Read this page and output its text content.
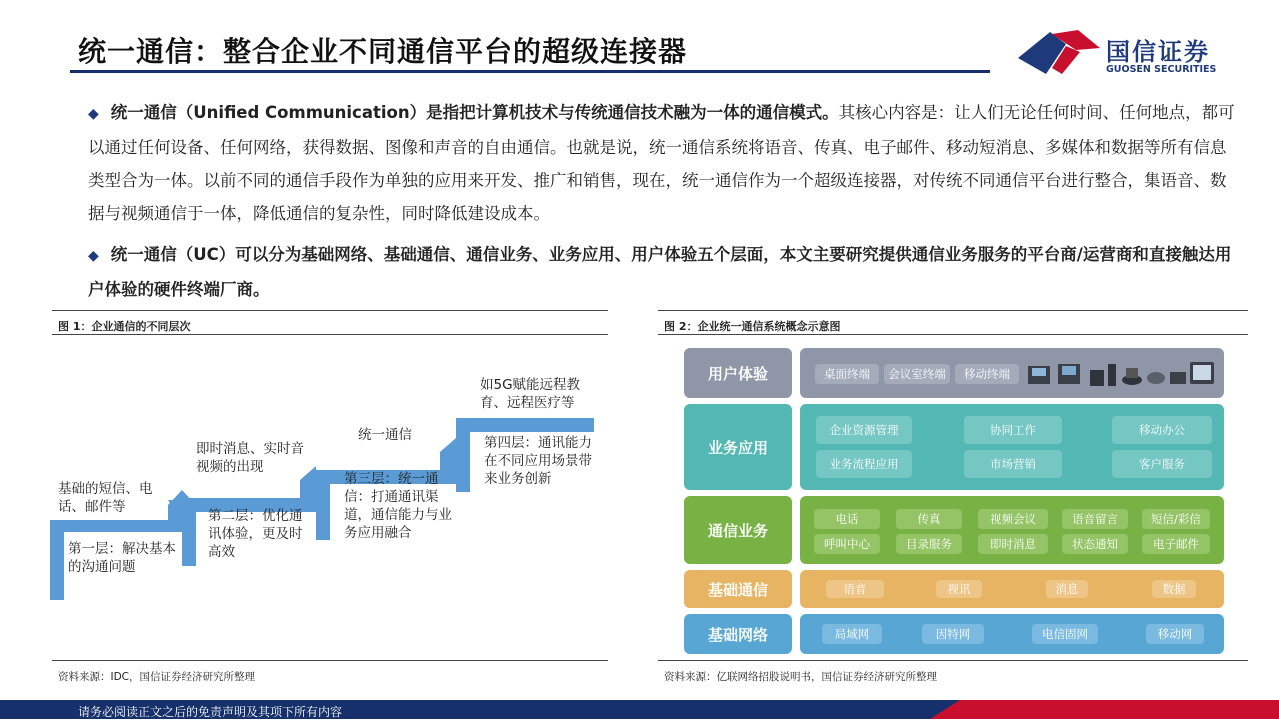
统一通信：整合企业不同通信平台的超级连接器	国信证券
GUOSEN SECURITIES
◆ 统一通信（Unified Communication）是指把计算机技术与传统通信技术融为一体的通信模式。其核心内容是：让人们无论任何时间、任何地点，都可以通过任何设备、任何网络，获得数据、图像和声音的自由通信。也就是说，统一通信系统将语音、传真、电子邮件、移动短消息、多媒体和数据等所有信息类型合为一体。以前不同的通信手段作为单独的应用来开发、推广和销售，现在，统一通信作为一个超级连接器，对传统不同通信平台进行整合，集语音、数据与视频通信于一体，降低通信的复杂性，同时降低建设成本。
◆ 统一通信（UC）可以分为基础网络、基础通信、通信业务、业务应用、用户体验五个层面，本文主要研究提供通信业务服务的平台商/运营商和直接触达用户体验的硬件终端厂商。
图 1：企业通信的不同层次
基础的短信、电话、邮件等
第一层：解决基本的沟通问题
即时消息、实时音视频的出现
第二层：优化通讯体验，更及时高效
统一通信
第三层：统一通信：打通通讯渠道，通信能力与业务应用融合
如5G赋能远程教育、远程医疗等
第四层：通讯能力在不同应用场景带来业务创新
资料来源：IDC，国信证券经济研究所整理
图 2：企业统一通信系统概念示意图
用户体验	桌面终端	会议室终端	移动终端
业务应用
企业资源管理	协同工作	移动办公
业务流程应用	市场营销	客户服务
通信业务
电话	传真	视频会议	语音留言	短信/彩信
呼叫中心	目录服务	即时消息	状态通知	电子邮件
基础通信	语音	视讯	消息	数据
基础网络	局域网	因特网	电信固网	移动网
资料来源：亿联网络招股说明书，国信证券经济研究所整理
请务必阅读正文之后的免责声明及其项下所有内容
